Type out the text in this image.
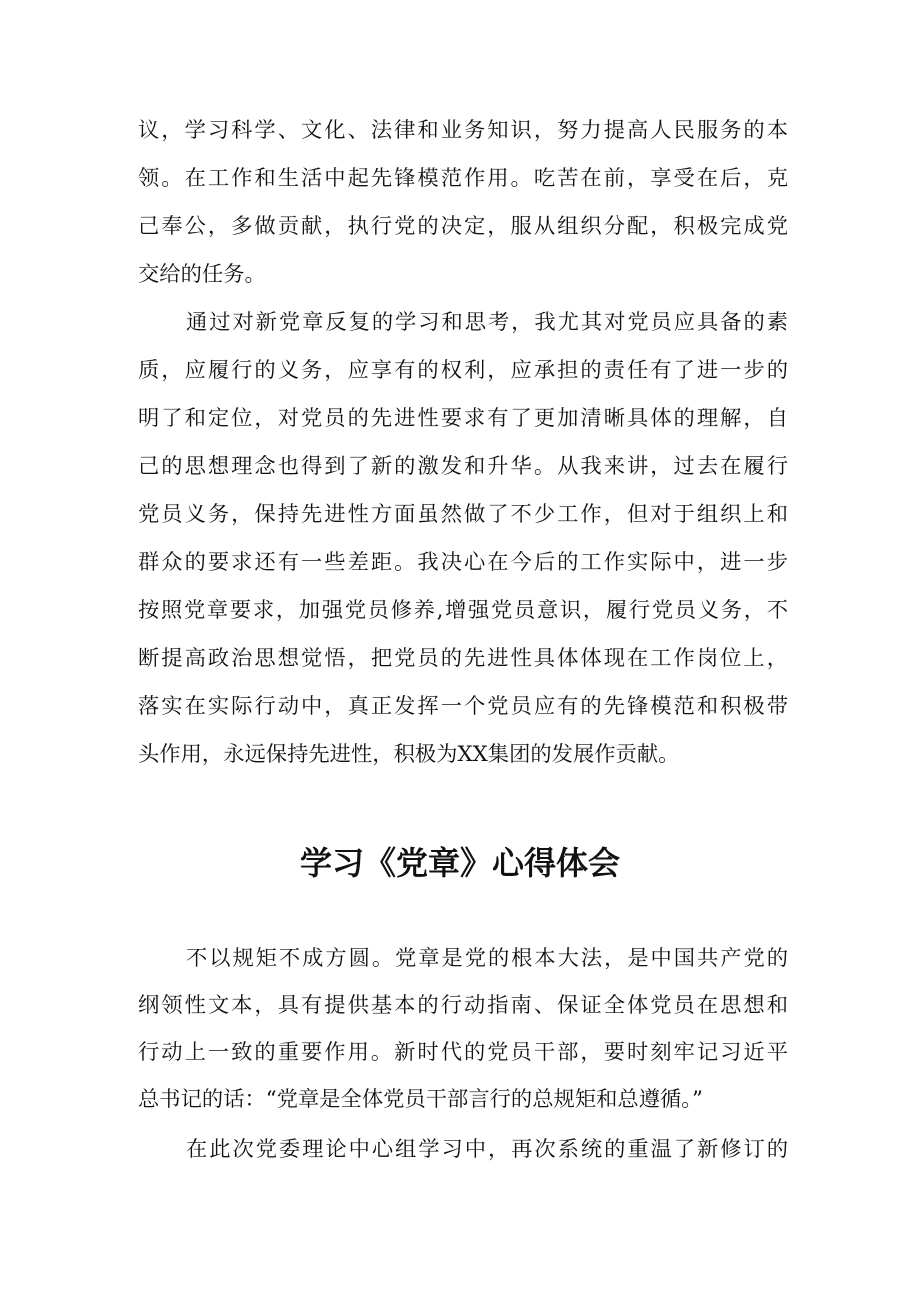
议，学习科学、文化、法律和业务知识，努力提高人民服务的本
领。在工作和生活中起先锋模范作用。吃苦在前，享受在后，克
己奉公，多做贡献，执行党的决定，服从组织分配，积极完成党
交给的任务。
通过对新党章反复的学习和思考，我尤其对党员应具备的素
质，应履行的义务，应享有的权利，应承担的责任有了进一步的
明了和定位，对党员的先进性要求有了更加清晰具体的理解，自
己的思想理念也得到了新的激发和升华。从我来讲，过去在履行
党员义务，保持先进性方面虽然做了不少工作，但对于组织上和
群众的要求还有一些差距。我决心在今后的工作实际中，进一步
按照党章要求，加强党员修养,增强党员意识，履行党员义务，不
断提高政治思想觉悟，把党员的先进性具体体现在工作岗位上，
落实在实际行动中，真正发挥一个党员应有的先锋模范和积极带
头作用，永远保持先进性，积极为XX集团的发展作贡献。
学习《党章》心得体会
不以规矩不成方圆。党章是党的根本大法，是中国共产党的
纲领性文本，具有提供基本的行动指南、保证全体党员在思想和
行动上一致的重要作用。新时代的党员干部，要时刻牢记习近平
总书记的话：“党章是全体党员干部言行的总规矩和总遵循。”
在此次党委理论中心组学习中，再次系统的重温了新修订的
